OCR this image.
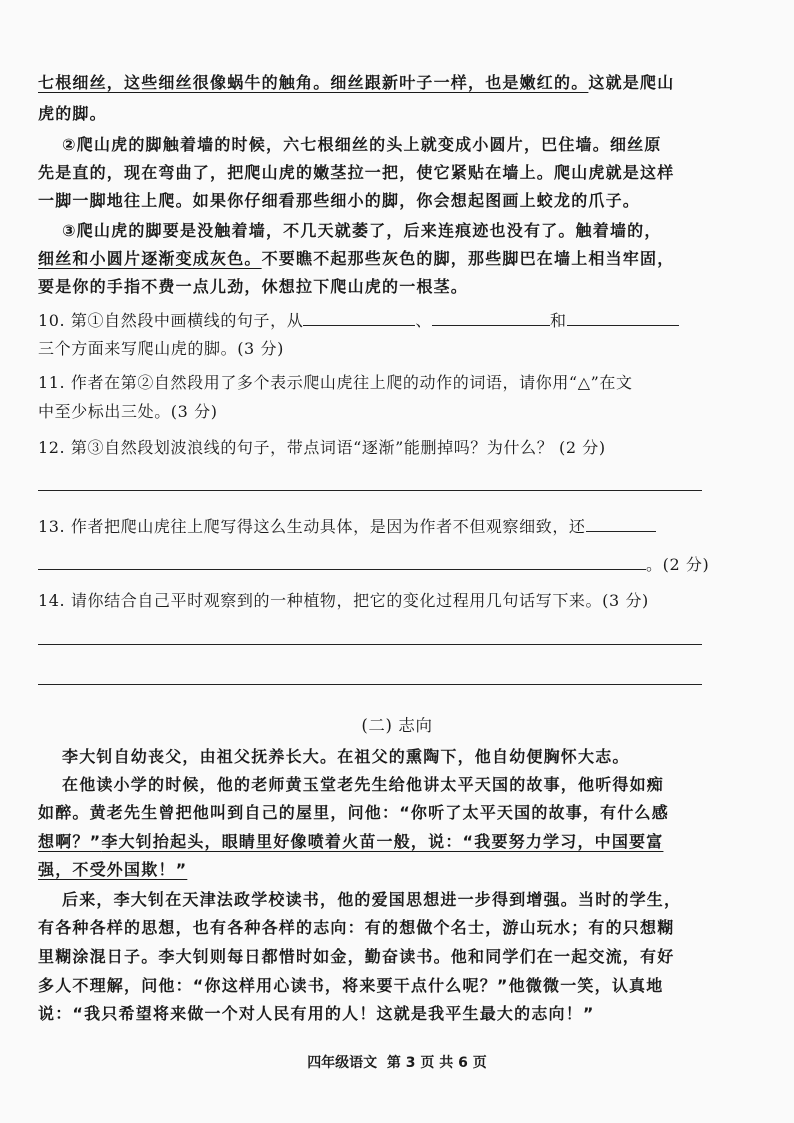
七根细丝，这些细丝很像蜗牛的触角。细丝跟新叶子一样，也是嫩红的。这就是爬山
虎的脚。
②爬山虎的脚触着墙的时候，六七根细丝的头上就变成小圆片，巴住墙。细丝原
先是直的，现在弯曲了，把爬山虎的嫩茎拉一把，使它紧贴在墙上。爬山虎就是这样
一脚一脚地往上爬。如果你仔细看那些细小的脚，你会想起图画上蛟龙的爪子。
③爬山虎的脚要是没触着墙，不几天就萎了，后来连痕迹也没有了。触着墙的，
细丝和小圆片逐渐变成灰色。不要瞧不起那些灰色的脚，那些脚巴在墙上相当牢固，
要是你的手指不费一点儿劲，休想拉下爬山虎的一根茎。
10. 第①自然段中画横线的句子，从	、	和
三个方面来写爬山虎的脚。(3 分)
11. 作者在第②自然段用了多个表示爬山虎往上爬的动作的词语，请你用“△”在文
中至少标出三处。(3 分)
12. 第③自然段划波浪线的句子，带点词语“逐渐”能删掉吗？为什么？ (2 分)
13. 作者把爬山虎往上爬写得这么生动具体，是因为作者不但观察细致，还
。(2 分)
14. 请你结合自己平时观察到的一种植物，把它的变化过程用几句话写下来。(3 分)
(二) 志向
李大钊自幼丧父，由祖父抚养长大。在祖父的熏陶下，他自幼便胸怀大志。
在他读小学的时候，他的老师黄玉堂老先生给他讲太平天国的故事，他听得如痴
如醉。黄老先生曾把他叫到自己的屋里，问他：“你听了太平天国的故事，有什么感
想啊？”李大钊抬起头，眼睛里好像喷着火苗一般，说：“我要努力学习，中国要富
强，不受外国欺！”
后来，李大钊在天津法政学校读书，他的爱国思想进一步得到增强。当时的学生，
有各种各样的思想，也有各种各样的志向：有的想做个名士，游山玩水；有的只想糊
里糊涂混日子。李大钊则每日都惜时如金，勤奋读书。他和同学们在一起交流，有好
多人不理解，问他：“你这样用心读书，将来要干点什么呢？”他微微一笑，认真地
说：“我只希望将来做一个对人民有用的人！这就是我平生最大的志向！”
四年级语文  第 3 页 共 6 页
